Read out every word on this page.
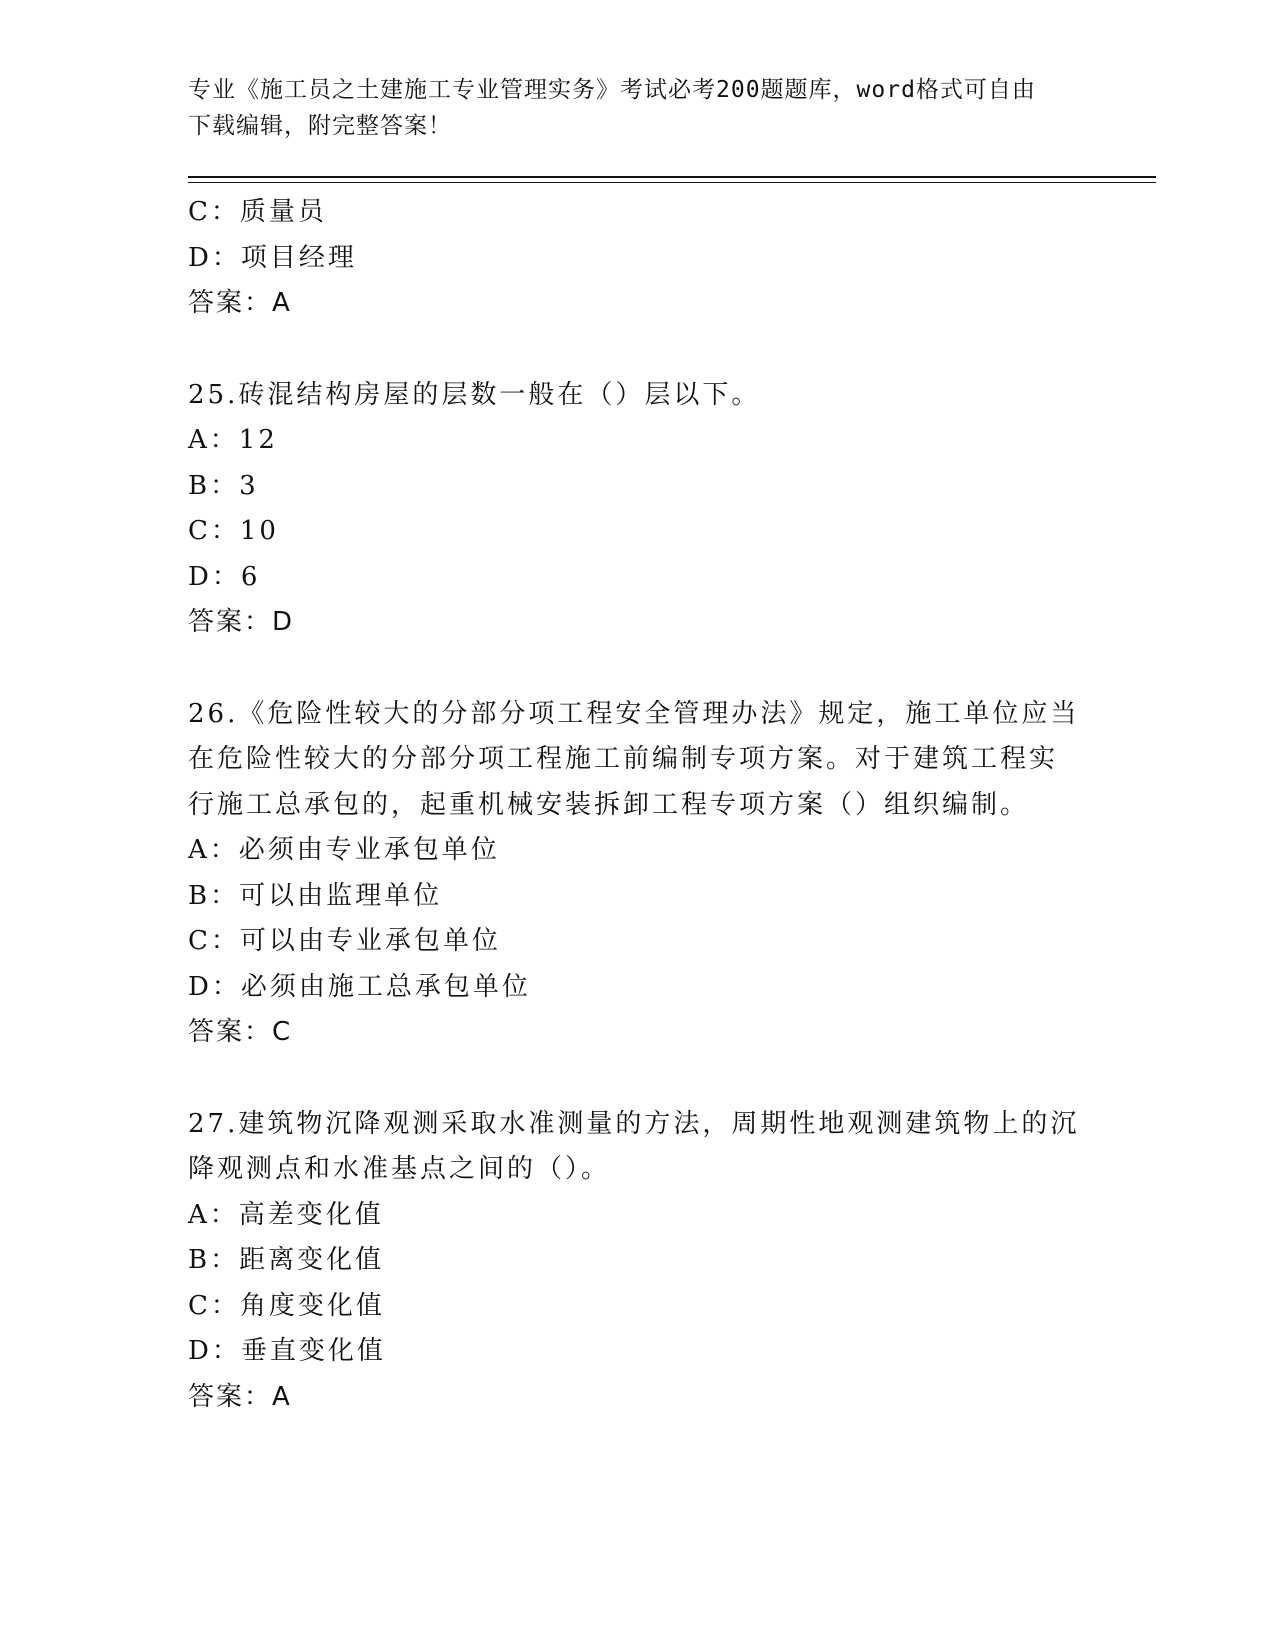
专业《施工员之土建施工专业管理实务》考试必考200题题库，word格式可自由
下载编辑，附完整答案！
C：质量员
D：项目经理
答案：A
25.砖混结构房屋的层数一般在（）层以下。
A：12
B：3
C：10
D：6
答案：D
26.《危险性较大的分部分项工程安全管理办法》规定，施工单位应当
在危险性较大的分部分项工程施工前编制专项方案。对于建筑工程实
行施工总承包的，起重机械安装拆卸工程专项方案（）组织编制。
A：必须由专业承包单位
B：可以由监理单位
C：可以由专业承包单位
D：必须由施工总承包单位
答案：C
27.建筑物沉降观测采取水准测量的方法，周期性地观测建筑物上的沉
降观测点和水准基点之间的（）。
A：高差变化值
B：距离变化值
C：角度变化值
D：垂直变化值
答案：A
